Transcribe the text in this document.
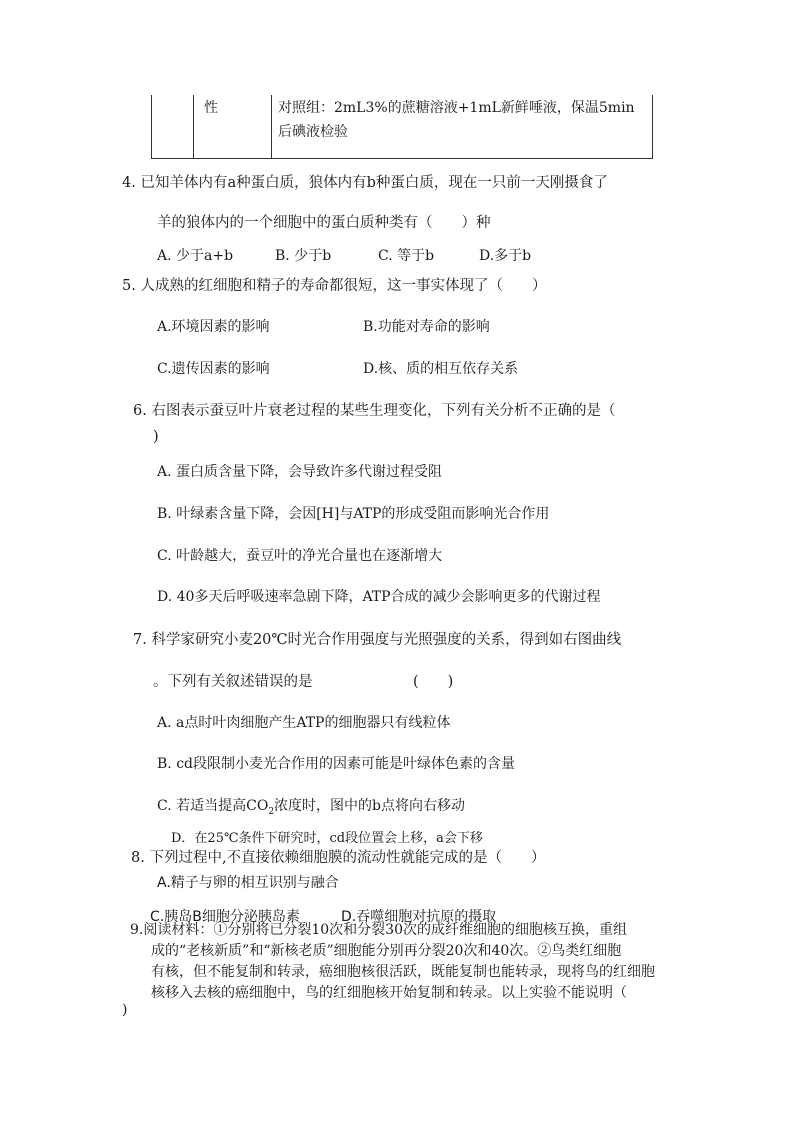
性	对照组：2mL3%的蔗糖溶液+1mL新鲜唾液，保温5min
后碘液检验
4. 已知羊体内有a种蛋白质，狼体内有b种蛋白质，现在一只前一天刚摄食了
羊的狼体内的一个细胞中的蛋白质种类有（　　）种
A. 少于a+b	B. 少于b	C. 等于b	D.多于b
5. 人成熟的红细胞和精子的寿命都很短，这一事实体现了（　　）
A.环境因素的影响	B.功能对寿命的影响
C.遗传因素的影响	D.核、质的相互依存关系
6. 右图表示蚕豆叶片衰老过程的某些生理变化，下列有关分析不正确的是（
)
A. 蛋白质含量下降，会导致许多代谢过程受阻
B. 叶绿素含量下降，会因[H]与ATP的形成受阻而影响光合作用
C. 叶龄越大，蚕豆叶的净光合量也在逐渐增大
D. 40多天后呼吸速率急剧下降，ATP合成的减少会影响更多的代谢过程
7. 科学家研究小麦20℃时光合作用强度与光照强度的关系，得到如右图曲线
。下列有关叙述错误的是	(　　)
A. a点时叶肉细胞产生ATP的细胞器只有线粒体
B. cd段限制小麦光合作用的因素可能是叶绿体色素的含量
C. 若适当提高$CO_2$浓度时，图中的b点将向右移动
D．在25℃条件下研究时，cd段位置会上移，a会下移
8. 下列过程中,不直接依赖细胞膜的流动性就能完成的是（　　）
A.精子与卵的相互识别与融合
C.胰岛B细胞分泌胰岛素	D.吞噬细胞对抗原的摄取
9.阅读材料：①分别将已分裂10次和分裂30次的成纤维细胞的细胞核互换，重组
成的“老核新质”和“新核老质”细胞能分别再分裂20次和40次。②鸟类红细胞
有核，但不能复制和转录，癌细胞核很活跃，既能复制也能转录，现将鸟的红细胞
核移入去核的癌细胞中，鸟的红细胞核开始复制和转录。以上实验不能说明（
)
